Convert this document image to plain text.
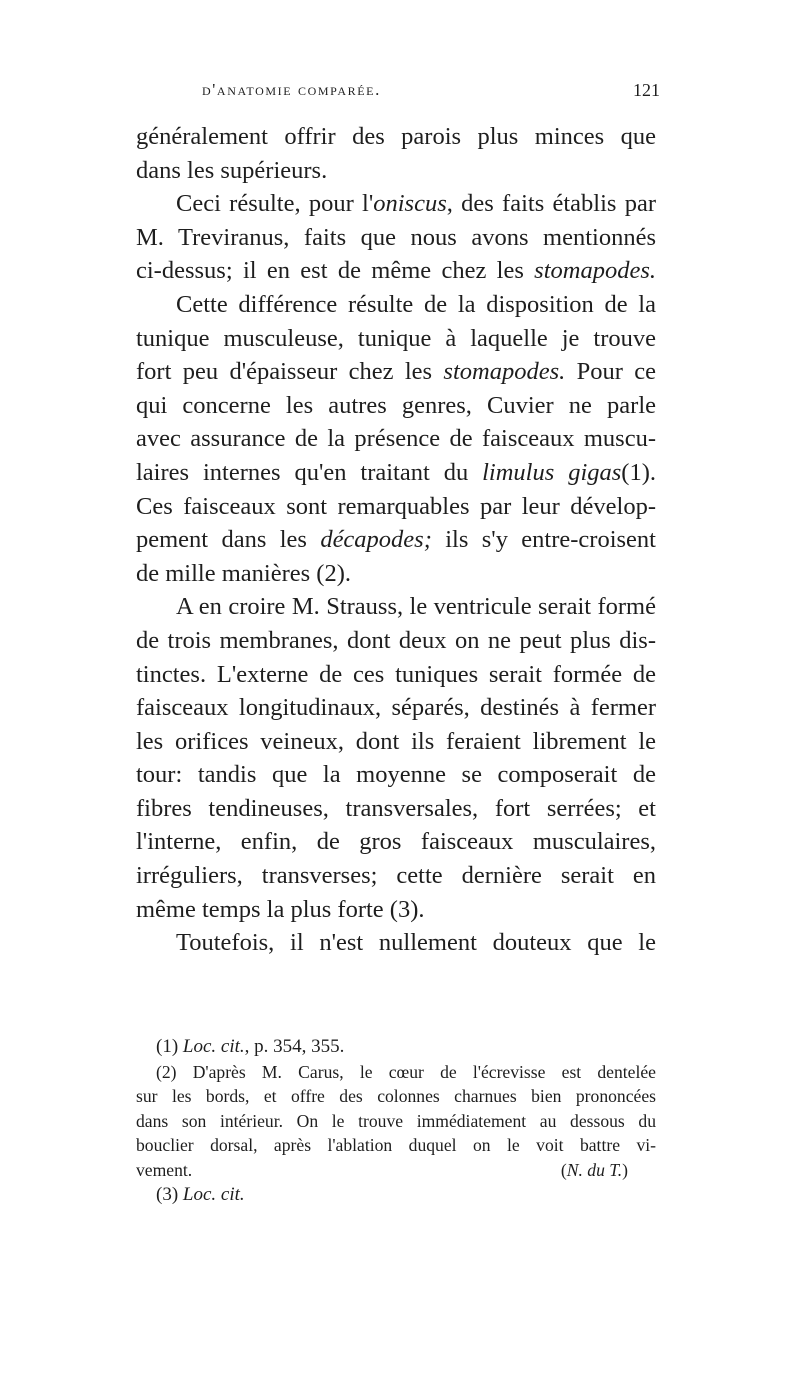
d'anatomie comparée.	121
généralement offrir des parois plus minces que
dans les supérieurs.
Ceci résulte, pour l'oniscus, des faits établis par
M. Treviranus, faits que nous avons mentionnés
ci-dessus; il en est de même chez les stomapodes.
Cette différence résulte de la disposition de la
tunique musculeuse, tunique à laquelle je trouve
fort peu d'épaisseur chez les stomapodes. Pour ce
qui concerne les autres genres, Cuvier ne parle
avec assurance de la présence de faisceaux muscu-
laires internes qu'en traitant du limulus gigas(1).
Ces faisceaux sont remarquables par leur dévelop-
pement dans les décapodes; ils s'y entre-croisent
de mille manières (2).
A en croire M. Strauss, le ventricule serait formé
de trois membranes, dont deux on ne peut plus dis-
tinctes. L'externe de ces tuniques serait formée de
faisceaux longitudinaux, séparés, destinés à fermer
les orifices veineux, dont ils feraient librement le
tour: tandis que la moyenne se composerait de
fibres tendineuses, transversales, fort serrées; et
l'interne, enfin, de gros faisceaux musculaires,
irréguliers, transverses; cette dernière serait en
même temps la plus forte (3).
Toutefois, il n'est nullement douteux que le
(1) Loc. cit., p. 354, 355.
(2) D'après M. Carus, le cœur de l'écrevisse est dentelée
sur les bords, et offre des colonnes charnues bien prononcées
dans son intérieur. On le trouve immédiatement au dessous du
bouclier dorsal, après l'ablation duquel on le voit battre vi-
vement.	(N. du T.)
(3) Loc. cit.
